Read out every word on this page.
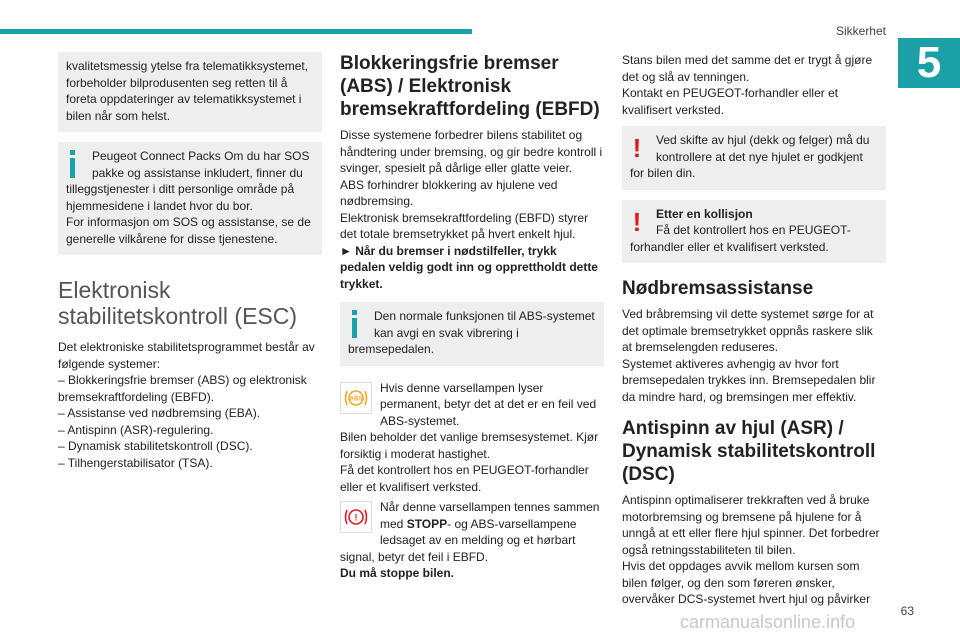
Sikkerhet
5
kvalitetsmessig ytelse fra telematikksystemet, forbeholder bilprodusenten seg retten til å foreta oppdateringer av telematikksystemet i bilen når som helst.
Peugeot Connect Packs Om du har SOS pakke og assistanse inkludert, finner du tilleggstjenester i ditt personlige område på hjemmesidene i landet hvor du bor.
For informasjon om SOS og assistanse, se de generelle vilkårene for disse tjenestene.
Elektronisk stabilitetskontroll (ESC)

Det elektroniske stabilitetsprogrammet består av følgende systemer:

– Blokkeringsfrie bremser (ABS) og elektronisk bremsekraftfordeling (EBFD).
– Assistanse ved nødbremsing (EBA).
– Antispinn (ASR)-regulering.
– Dynamisk stabilitetskontroll (DSC).
– Tilhengerstabilisator (TSA).
Blokkeringsfrie bremser (ABS) / Elektronisk bremsekraftfordeling (EBFD)

Disse systemene forbedrer bilens stabilitet og håndtering under bremsing, og gir bedre kontroll i svinger, spesielt på dårlige eller glatte veier.

ABS forhindrer blokkering av hjulene ved nødbremsing.

Elektronisk bremsekraftfordeling (EBFD) styrer det totale bremsetrykket på hvert enkelt hjul.

► Når du bremser i nødstilfeller, trykk pedalen veldig godt inn og opprettholdt dette trykket.

Den normale funksjonen til ABS-systemet kan avgi en svak vibrering i bremsepedalen.
ABS
Hvis denne varsellampen lyser permanent, betyr det at det er en feil ved ABS-systemet.
Bilen beholder det vanlige bremsesystemet. Kjør forsiktig i moderat hastighet.
Få det kontrollert hos en PEUGEOT-forhandler eller et kvalifisert verksted.
!
Når denne varsellampen tennes sammen med STOPP- og ABS-varsellampene ledsaget av en melding og et hørbart signal, betyr det feil i EBFD.
Du må stoppe bilen.

Stans bilen med det samme det er trygt å gjøre det og slå av tenningen.

Kontakt en PEUGEOT-forhandler eller et kvalifisert verksted.

! Ved skifte av hjul (dekk og felger) må du kontrollere at det nye hjulet er godkjent for bilen din.
!	Etter en kollisjon
Få det kontrollert hos en PEUGEOT-forhandler eller et kvalifisert verksted.
Nødbremsassistanse

Ved bråbremsing vil dette systemet sørge for at det optimale bremsetrykket oppnås raskere slik at bremselengden reduseres.

Systemet aktiveres avhengig av hvor fort bremsepedalen trykkes inn. Bremsepedalen blir da mindre hard, og bremsingen mer effektiv.

Antispinn av hjul (ASR) / Dynamisk stabilitetskontroll (DSC)

Antispinn optimaliserer trekkraften ved å bruke motorbremsing og bremsene på hjulene for å unngå at ett eller flere hjul spinner. Det forbedrer også retningsstabiliteten til bilen.

Hvis det oppdages avvik mellom kursen som bilen følger, og den som føreren ønsker, overvåker DCS-systemet hvert hjul og påvirker

63
carmanualsonline.info
